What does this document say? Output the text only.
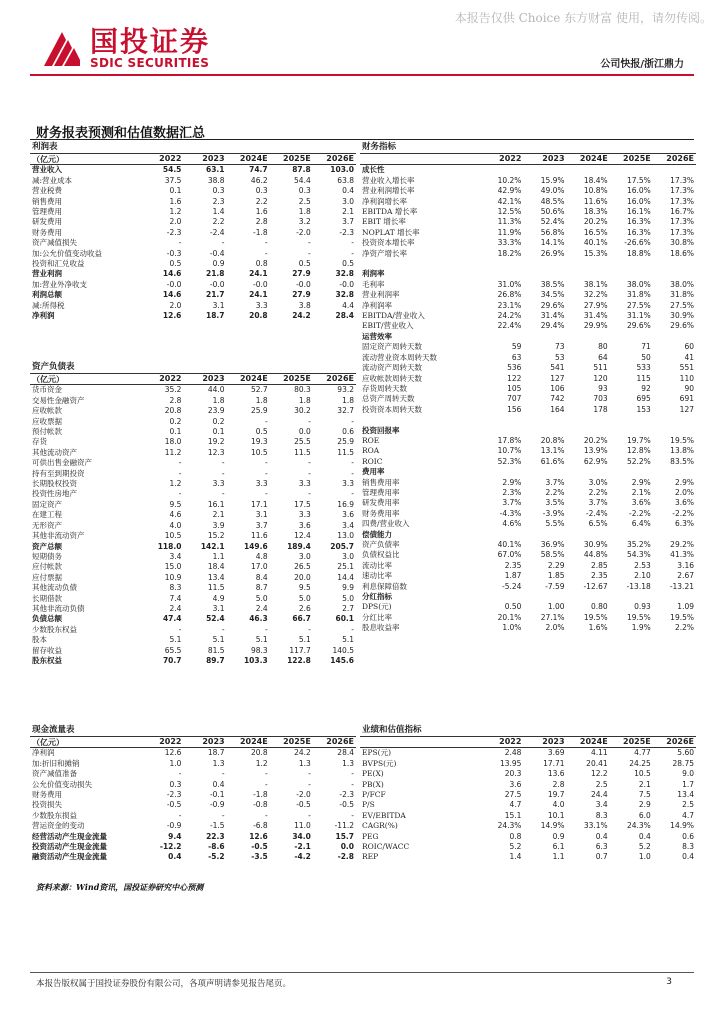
本报告仅供 Choice 东方财富 使用，请勿传阅。
国投证券
SDIC SECURITIES	公司快报/浙江鼎力
财务报表预测和估值数据汇总
利润表					
（亿元）	2022	2023	2024E	2025E	2026E
营业收入	54.5	63.1	74.7	87.8	103.0
减:营业成本	37.5	38.8	46.2	54.4	63.8
营业税费	0.1	0.3	0.3	0.3	0.4
销售费用	1.6	2.3	2.2	2.5	3.0
管理费用	1.2	1.4	1.6	1.8	2.1
研发费用	2.0	2.2	2.8	3.2	3.7
财务费用	-2.3	-2.4	-1.8	-2.0	-2.3
资产减值损失	-	-	-	-	-
加:公允价值变动收益	-0.3	-0.4	-	-	-
投资和汇兑收益	0.5	0.9	0.8	0.5	0.5
营业利润	14.6	21.8	24.1	27.9	32.8
加:营业外净收支	-0.0	-0.0	-0.0	-0.0	-0.0
利润总额	14.6	21.7	24.1	27.9	32.8
减:所得税	2.0	3.1	3.3	3.8	4.4
净利润	12.6	18.7	20.8	24.2	28.4
资产负债表					
（亿元）	2022	2023	2024E	2025E	2026E
货币资金	35.2	44.0	52.7	80.3	93.2
交易性金融资产	2.8	1.8	1.8	1.8	1.8
应收帐款	20.8	23.9	25.9	30.2	32.7
应收票据	0.2	0.2	-	-	-
预付帐款	0.1	0.1	0.5	0.0	0.6
存货	18.0	19.2	19.3	25.5	25.9
其他流动资产	11.2	12.3	10.5	11.5	11.5
可供出售金融资产	-	-	-	-	-
持有至到期投资	-	-	-	-	-
长期股权投资	1.2	3.3	3.3	3.3	3.3
投资性房地产	-	-	-	-	-
固定资产	9.5	16.1	17.1	17.5	16.9
在建工程	4.6	2.1	3.1	3.3	3.6
无形资产	4.0	3.9	3.7	3.6	3.4
其他非流动资产	10.5	15.2	11.6	12.4	13.0
资产总额	118.0	142.1	149.6	189.4	205.7
短期债务	3.4	1.1	4.8	3.0	3.0
应付帐款	15.0	18.4	17.0	26.5	25.1
应付票据	10.9	13.4	8.4	20.0	14.4
其他流动负债	8.3	11.5	8.7	9.5	9.9
长期借款	7.4	4.9	5.0	5.0	5.0
其他非流动负债	2.4	3.1	2.4	2.6	2.7
负债总额	47.4	52.4	46.3	66.7	60.1
少数股东权益	-	-	-	-	-
股本	5.1	5.1	5.1	5.1	5.1
留存收益	65.5	81.5	98.3	117.7	140.5
股东权益	70.7	89.7	103.3	122.8	145.6
现金流量表					
（亿元）	2022	2023	2024E	2025E	2026E
净利润	12.6	18.7	20.8	24.2	28.4
加:折旧和摊销	1.0	1.3	1.2	1.3	1.3
资产减值准备	-	-	-	-	-
公允价值变动损失	0.3	0.4	-	-	-
财务费用	-2.3	-0.1	-1.8	-2.0	-2.3
投资损失	-0.5	-0.9	-0.8	-0.5	-0.5
少数股东损益	-	-	-	-	-
营运资金的变动	-0.9	-1.5	-6.8	11.0	-11.2
经营活动产生现金流量	9.4	22.3	12.6	34.0	15.7
投资活动产生现金流量	-12.2	-8.6	-0.5	-2.1	0.0
融资活动产生现金流量	0.4	-5.2	-3.5	-4.2	-2.8
财务指标					
	2022	2023	2024E	2025E	2026E
成长性					
营业收入增长率	10.2%	15.9%	18.4%	17.5%	17.3%
营业利润增长率	42.9%	49.0%	10.8%	16.0%	17.3%
净利润增长率	42.1%	48.5%	11.6%	16.0%	17.3%
EBITDA 增长率	12.5%	50.6%	18.3%	16.1%	16.7%
EBIT 增长率	11.3%	52.4%	20.2%	16.3%	17.3%
NOPLAT 增长率	11.9%	56.8%	16.5%	16.3%	17.3%
投资资本增长率	33.3%	14.1%	40.1%	-26.6%	30.8%
净资产增长率	18.2%	26.9%	15.3%	18.8%	18.6%

利润率					
毛利率	31.0%	38.5%	38.1%	38.0%	38.0%
营业利润率	26.8%	34.5%	32.2%	31.8%	31.8%
净利润率	23.1%	29.6%	27.9%	27.5%	27.5%
EBITDA/营业收入	24.2%	31.4%	31.4%	31.1%	30.9%
EBIT/营业收入	22.4%	29.4%	29.9%	29.6%	29.6%
运营效率					
固定资产周转天数	59	73	80	71	60
流动营业资本周转天数	63	53	64	50	41
流动资产周转天数	536	541	511	533	551
应收帐款周转天数	122	127	120	115	110
存货周转天数	105	106	93	92	90
总资产周转天数	707	742	703	695	691
投资资本周转天数	156	164	178	153	127

投资回报率					
ROE	17.8%	20.8%	20.2%	19.7%	19.5%
ROA	10.7%	13.1%	13.9%	12.8%	13.8%
ROIC	52.3%	61.6%	62.9%	52.2%	83.5%
费用率					
销售费用率	2.9%	3.7%	3.0%	2.9%	2.9%
管理费用率	2.3%	2.2%	2.2%	2.1%	2.0%
研发费用率	3.7%	3.5%	3.7%	3.6%	3.6%
财务费用率	-4.3%	-3.9%	-2.4%	-2.2%	-2.2%
四费/营业收入	4.6%	5.5%	6.5%	6.4%	6.3%
偿债能力					
资产负债率	40.1%	36.9%	30.9%	35.2%	29.2%
负债权益比	67.0%	58.5%	44.8%	54.3%	41.3%
流动比率	2.35	2.29	2.85	2.53	3.16
速动比率	1.87	1.85	2.35	2.10	2.67
利息保障倍数	-5.24	-7.59	-12.67	-13.18	-13.21
分红指标					
DPS(元)	0.50	1.00	0.80	0.93	1.09
分红比率	20.1%	27.1%	19.5%	19.5%	19.5%
股息收益率	1.0%	2.0%	1.6%	1.9%	2.2%
业绩和估值指标					
	2022	2023	2024E	2025E	2026E
EPS(元)	2.48	3.69	4.11	4.77	5.60
BVPS(元)	13.95	17.71	20.41	24.25	28.75
PE(X)	20.3	13.6	12.2	10.5	9.0
PB(X)	3.6	2.8	2.5	2.1	1.7
P/FCF	27.5	19.7	24.4	7.5	13.4
P/S	4.7	4.0	3.4	2.9	2.5
EV/EBITDA	15.1	10.1	8.3	6.0	4.7
CAGR(%)	24.3%	14.9%	33.1%	24.3%	14.9%
PEG	0.8	0.9	0.4	0.4	0.6
ROIC/WACC	5.2	6.1	6.3	5.2	8.3
REP	1.4	1.1	0.7	1.0	0.4
资料来源：Wind资讯，国投证券研究中心预测
本报告版权属于国投证券股份有限公司，各项声明请参见报告尾页。	3
